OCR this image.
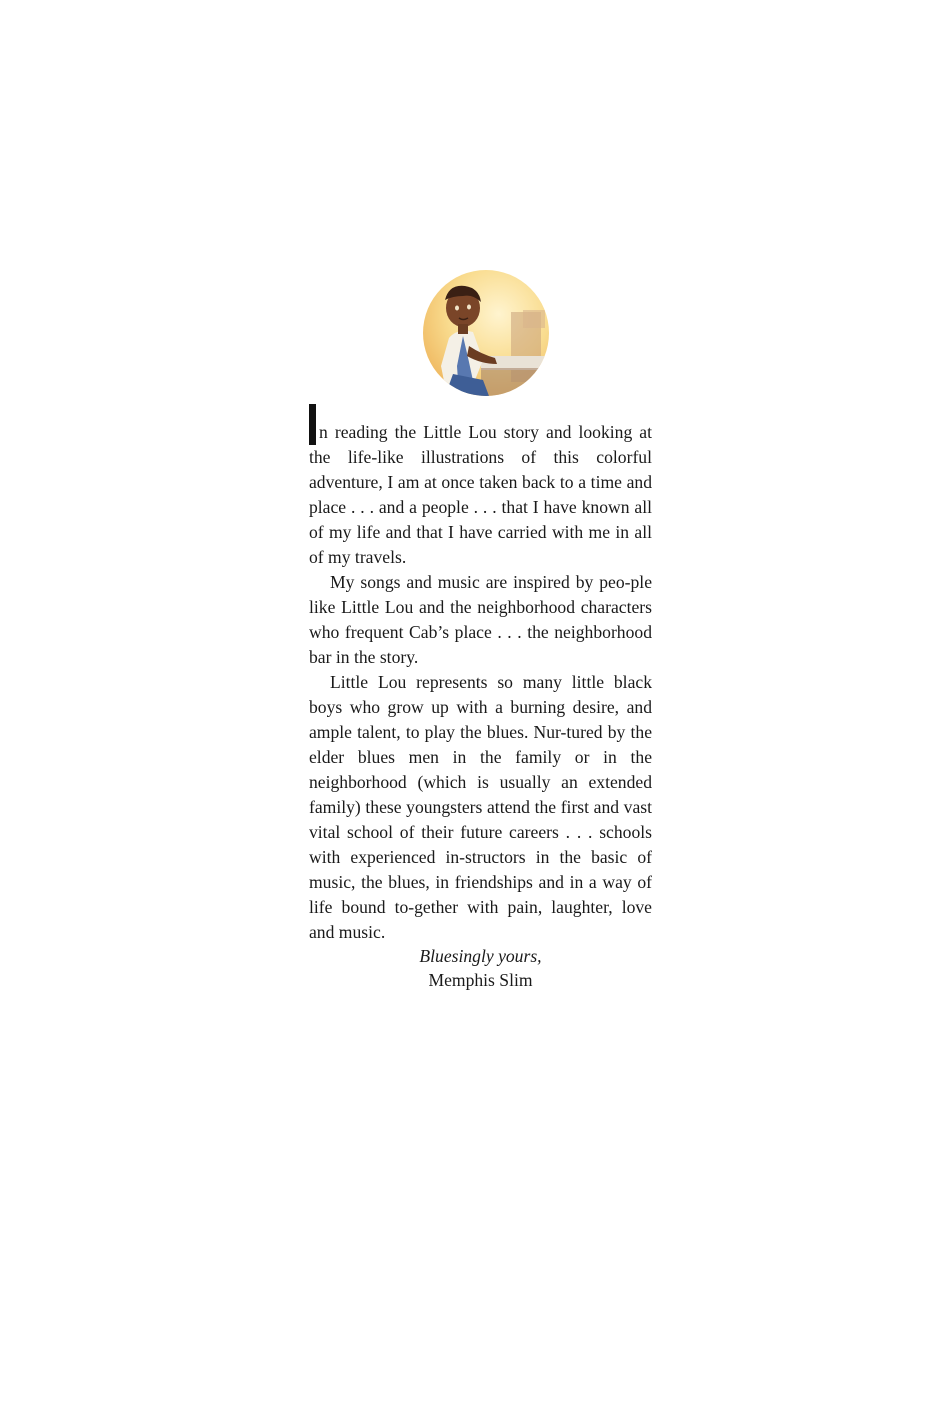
n reading the Little Lou story and looking at the life-like illustrations of this colorful adventure, I am at once taken back to a time and place . . . and a people . . . that I have known all of my life and that I have carried with me in all of my travels.

My songs and music are inspired by peo-ple like Little Lou and the neighborhood characters who frequent Cab’s place . . . the neighborhood bar in the story.

Little Lou represents so many little black boys who grow up with a burning desire, and ample talent, to play the blues. Nur-tured by the elder blues men in the family or in the neighborhood (which is usually an extended family) these youngsters attend the first and vast vital school of their future careers . . . schools with experienced in-structors in the basic of music, the blues, in friendships and in a way of life bound to-gether with pain, laughter, love and music.

Bluesingly yours,
Memphis Slim
